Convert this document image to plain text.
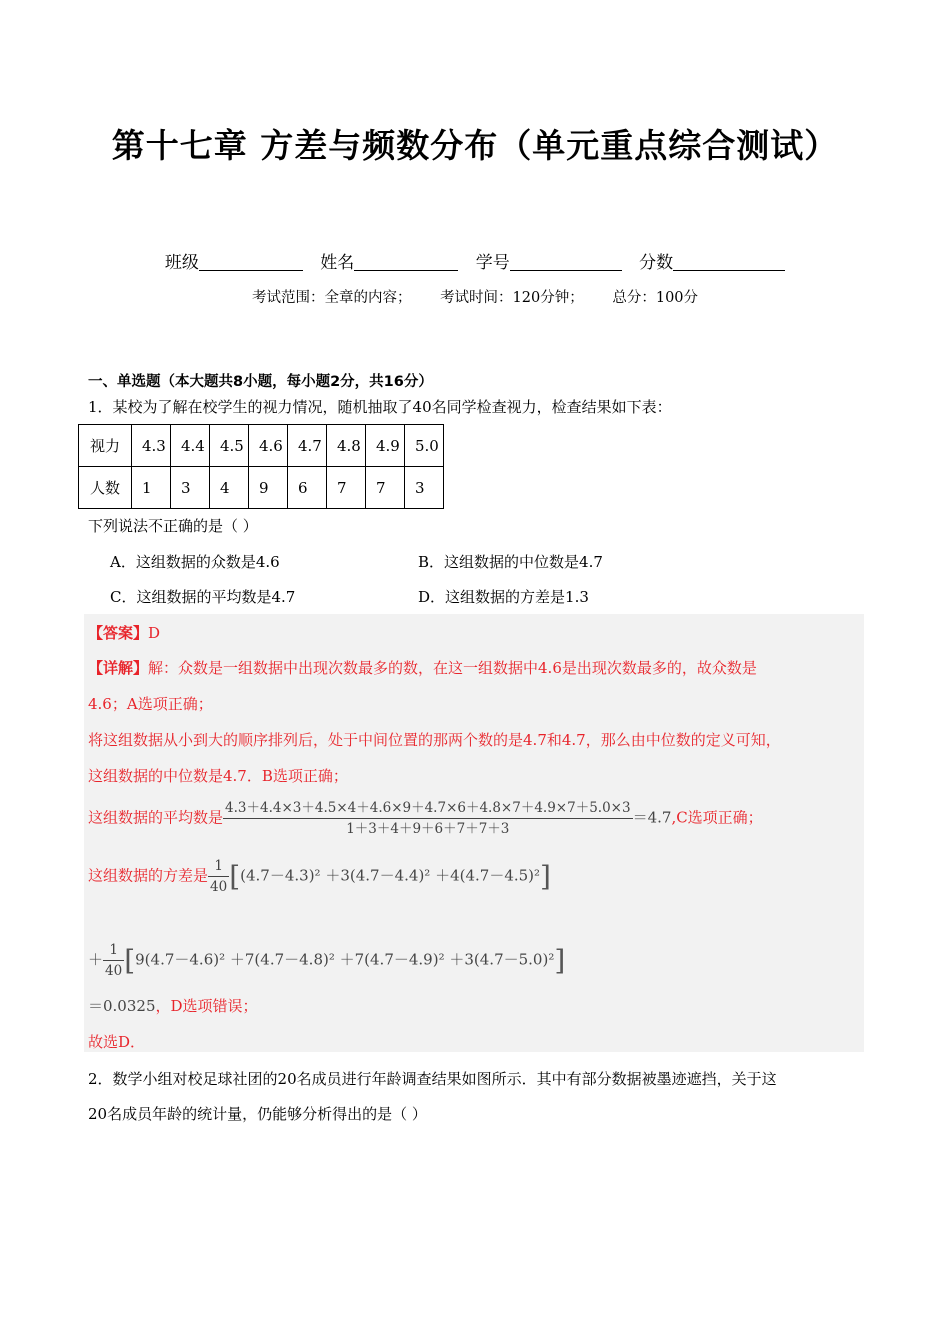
第十七章 方差与频数分布（单元重点综合测试）
班级	姓名	学号	分数
考试范围：全章的内容； 考试时间：120分钟； 总分：100分
一、单选题（本大题共8小题，每小题2分，共16分）
1．某校为了解在校学生的视力情况，随机抽取了40名同学检查视力，检查结果如下表：
视力	4.3	4.4	4.5	4.6	4.7	4.8	4.9	5.0
人数	1	3	4	9	6	7	7	3
下列说法不正确的是（ ）
A．这组数据的众数是4.6	B．这组数据的中位数是4.7
C．这组数据的平均数是4.7	D．这组数据的方差是1.3
【答案】D
【详解】解：众数是一组数据中出现次数最多的数，在这一组数据中4.6是出现次数最多的，故众数是
4.6；A选项正确；
将这组数据从小到大的顺序排列后，处于中间位置的那两个数的是4.7和4.7，那么由中位数的定义可知，
这组数据的中位数是4.7．B选项正确；
这组数据的平均数是 $\frac{4.3+4.4\times 3+4.5\times 4+4.6\times 9+4.7\times 6+4.8\times 7+4.9\times 7+5.0\times 3}{1+3+4+9+6+7+7+3} =4.7,C$选项正确；
这组数据的方差是 $\frac{1}{40} [(4.7-4.3)^2 +3(4.7-4.4)^2 +4(4.7-4.5)^2]$
＋ $\frac{1}{40} [9(4.7-4.6)^2 +7(4.7-4.8)^2 +7(4.7-4.9)^2 +3(4.7-5.0)^2]$
＝0.0325，D选项错误；
故选D．
2．数学小组对校足球社团的20名成员进行年龄调查结果如图所示．其中有部分数据被墨迹遮挡，关于这
20名成员年龄的统计量，仍能够分析得出的是（ ）
